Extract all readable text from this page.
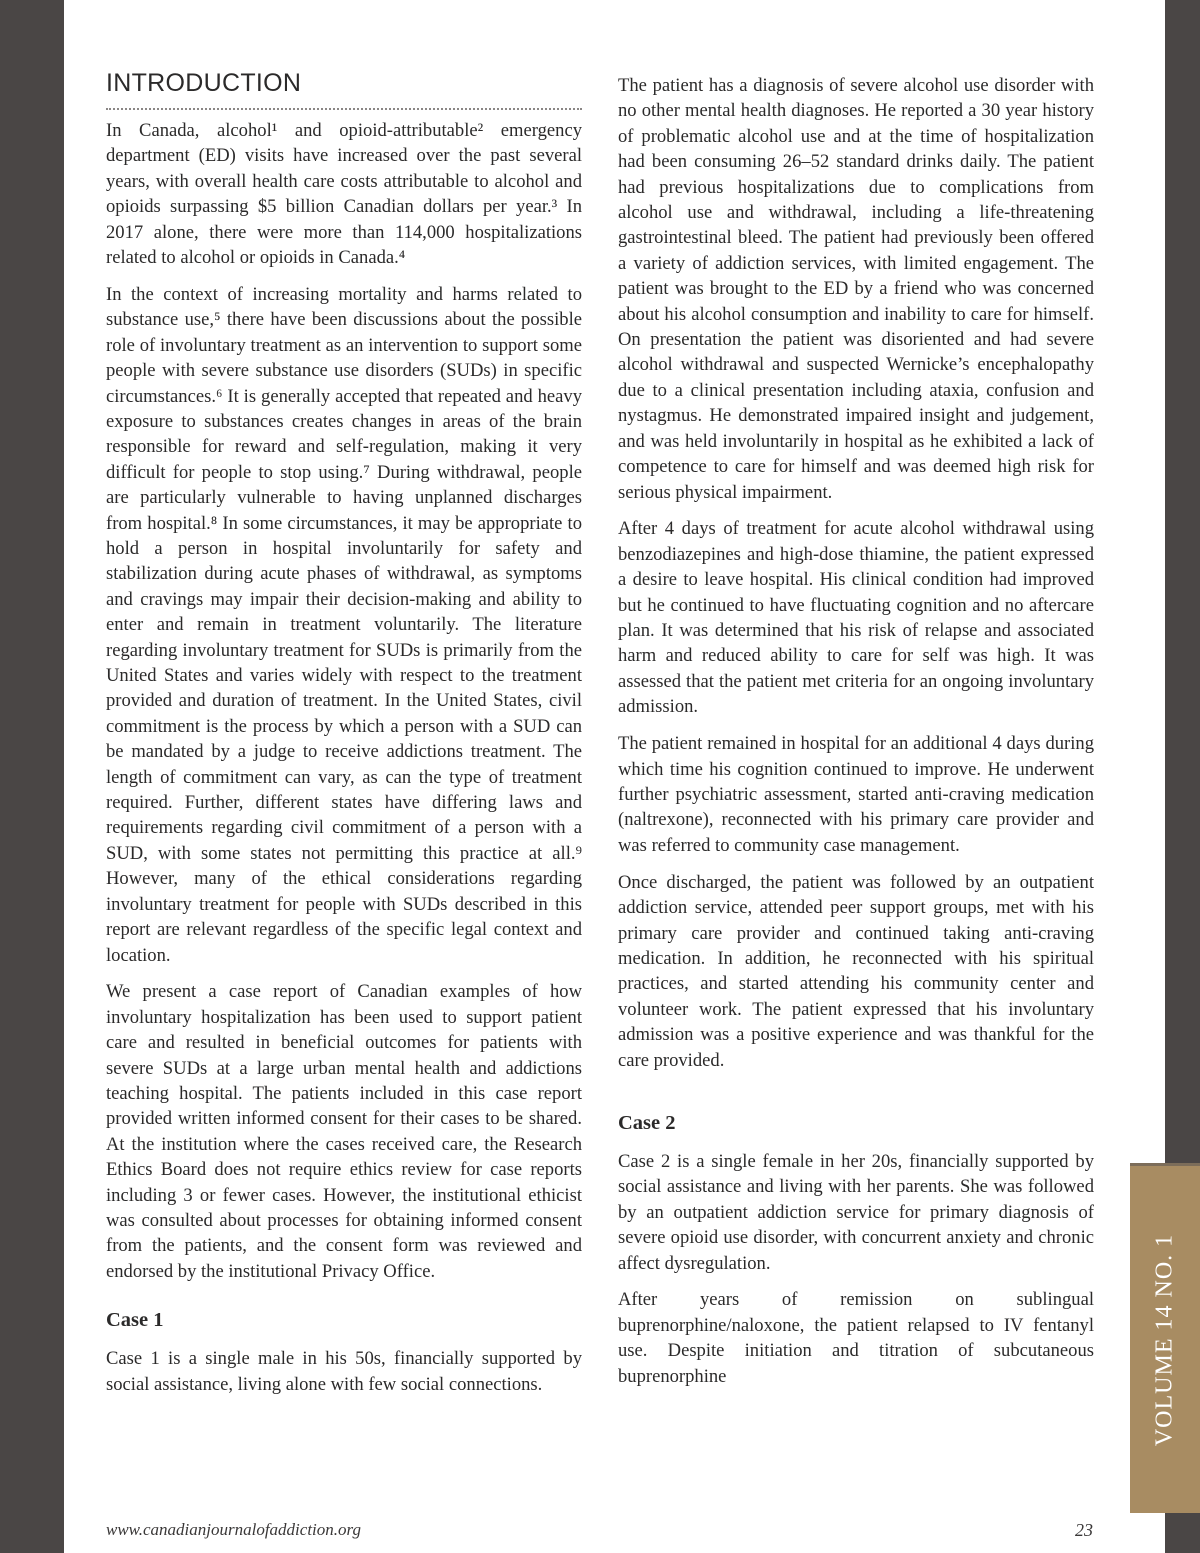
INTRODUCTION

In Canada, alcohol¹ and opioid-attributable² emergency department (ED) visits have increased over the past several years, with overall health care costs attributable to alcohol and opioids surpassing $5 billion Canadian dollars per year.³ In 2017 alone, there were more than 114,000 hospitalizations related to alcohol or opioids in Canada.⁴

In the context of increasing mortality and harms related to substance use,⁵ there have been discussions about the possible role of involuntary treatment as an intervention to support some people with severe substance use disorders (SUDs) in specific circumstances.⁶ It is generally accepted that repeated and heavy exposure to substances creates changes in areas of the brain responsible for reward and self-regulation, making it very difficult for people to stop using.⁷ During withdrawal, people are particularly vulnerable to having unplanned discharges from hospital.⁸ In some circumstances, it may be appropriate to hold a person in hospital involuntarily for safety and stabilization during acute phases of withdrawal, as symptoms and cravings may impair their decision-making and ability to enter and remain in treatment voluntarily. The literature regarding involuntary treatment for SUDs is primarily from the United States and varies widely with respect to the treatment provided and duration of treatment. In the United States, civil commitment is the process by which a person with a SUD can be mandated by a judge to receive addictions treatment. The length of commitment can vary, as can the type of treatment required. Further, different states have differing laws and requirements regarding civil commitment of a person with a SUD, with some states not permitting this practice at all.⁹ However, many of the ethical considerations regarding involuntary treatment for people with SUDs described in this report are relevant regardless of the specific legal context and location.

We present a case report of Canadian examples of how involuntary hospitalization has been used to support patient care and resulted in beneficial outcomes for patients with severe SUDs at a large urban mental health and addictions teaching hospital. The patients included in this case report provided written informed consent for their cases to be shared. At the institution where the cases received care, the Research Ethics Board does not require ethics review for case reports including 3 or fewer cases. However, the institutional ethicist was consulted about processes for obtaining informed consent from the patients, and the consent form was reviewed and endorsed by the institutional Privacy Office.

Case 1

Case 1 is a single male in his 50s, financially supported by social assistance, living alone with few social connections.

The patient has a diagnosis of severe alcohol use disorder with no other mental health diagnoses. He reported a 30 year history of problematic alcohol use and at the time of hospitalization had been consuming 26–52 standard drinks daily. The patient had previous hospitalizations due to complications from alcohol use and withdrawal, including a life-threatening gastrointestinal bleed. The patient had previously been offered a variety of addiction services, with limited engagement. The patient was brought to the ED by a friend who was concerned about his alcohol consumption and inability to care for himself. On presentation the patient was disoriented and had severe alcohol withdrawal and suspected Wernicke’s encephalopathy due to a clinical presentation including ataxia, confusion and nystagmus. He demonstrated impaired insight and judgement, and was held involuntarily in hospital as he exhibited a lack of competence to care for himself and was deemed high risk for serious physical impairment.

After 4 days of treatment for acute alcohol withdrawal using benzodiazepines and high-dose thiamine, the patient expressed a desire to leave hospital. His clinical condition had improved but he continued to have fluctuating cognition and no aftercare plan. It was determined that his risk of relapse and associated harm and reduced ability to care for self was high. It was assessed that the patient met criteria for an ongoing involuntary admission.

The patient remained in hospital for an additional 4 days during which time his cognition continued to improve. He underwent further psychiatric assessment, started anti-craving medication (naltrexone), reconnected with his primary care provider and was referred to community case management.

Once discharged, the patient was followed by an outpatient addiction service, attended peer support groups, met with his primary care provider and continued taking anti-craving medication. In addition, he reconnected with his spiritual practices, and started attending his community center and volunteer work. The patient expressed that his involuntary admission was a positive experience and was thankful for the care provided.

Case 2

Case 2 is a single female in her 20s, financially supported by social assistance and living with her parents. She was followed by an outpatient addiction service for primary diagnosis of severe opioid use disorder, with concurrent anxiety and chronic affect dysregulation.

After years of remission on sublingual buprenorphine/naloxone, the patient relapsed to IV fentanyl use. Despite initiation and titration of subcutaneous buprenorphine

www.canadianjournalofaddiction.org	23
VOLUME 14 NO. 1
